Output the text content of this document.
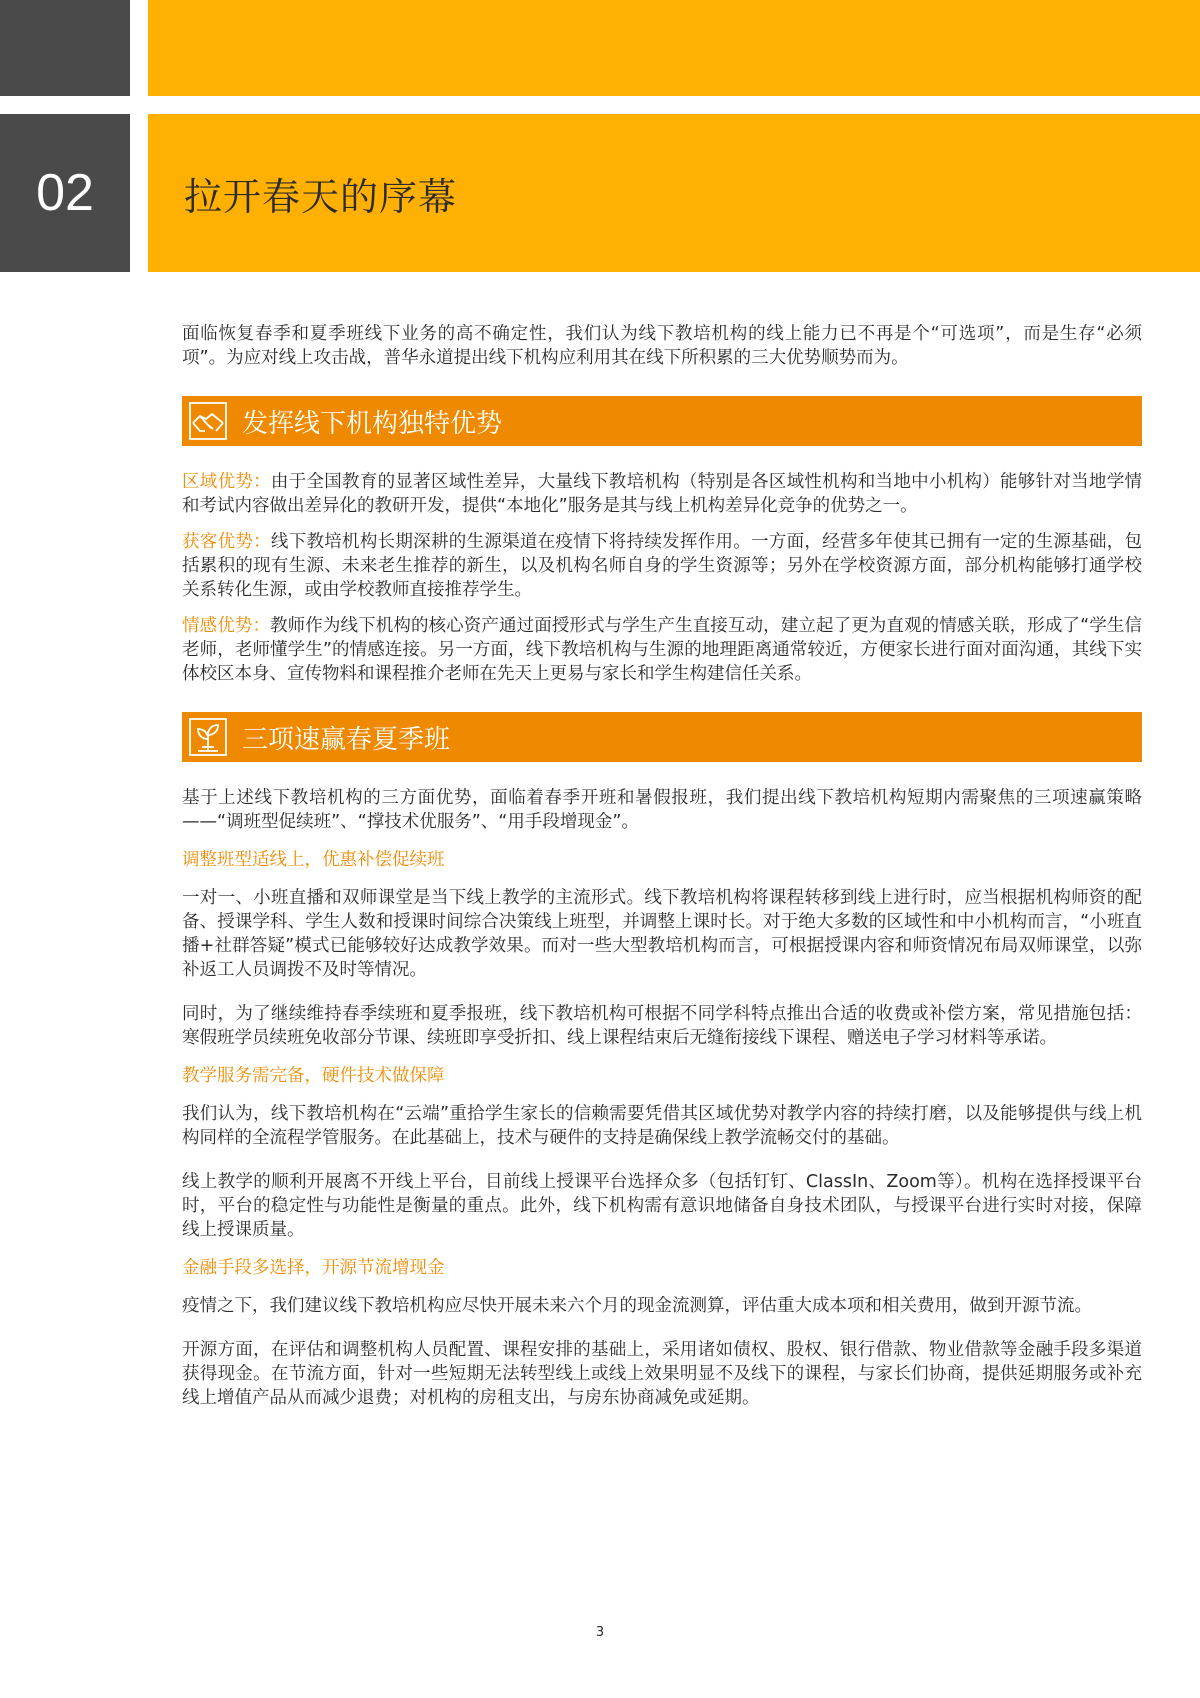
02	拉开春天的序幕

面临恢复春季和夏季班线下业务的高不确定性，我们认为线下教培机构的线上能力已不再是个“可选项”，而是生存“必须项”。为应对线上攻击战，普华永道提出线下机构应利用其在线下所积累的三大优势顺势而为。

发挥线下机构独特优势

区域优势：由于全国教育的显著区域性差异，大量线下教培机构（特别是各区域性机构和当地中小机构）能够针对当地学情和考试内容做出差异化的教研开发，提供“本地化”服务是其与线上机构差异化竞争的优势之一。

获客优势：线下教培机构长期深耕的生源渠道在疫情下将持续发挥作用。一方面，经营多年使其已拥有一定的生源基础，包括累积的现有生源、未来老生推荐的新生，以及机构名师自身的学生资源等；另外在学校资源方面，部分机构能够打通学校关系转化生源，或由学校教师直接推荐学生。

情感优势：教师作为线下机构的核心资产通过面授形式与学生产生直接互动，建立起了更为直观的情感关联，形成了“学生信老师，老师懂学生”的情感连接。另一方面，线下教培机构与生源的地理距离通常较近，方便家长进行面对面沟通，其线下实体校区本身、宣传物料和课程推介老师在先天上更易与家长和学生构建信任关系。

三项速赢春夏季班

基于上述线下教培机构的三方面优势，面临着春季开班和暑假报班，我们提出线下教培机构短期内需聚焦的三项速赢策略——“调班型促续班”、“撑技术优服务”、“用手段增现金”。

调整班型适线上，优惠补偿促续班

一对一、小班直播和双师课堂是当下线上教学的主流形式。线下教培机构将课程转移到线上进行时，应当根据机构师资的配备、授课学科、学生人数和授课时间综合决策线上班型，并调整上课时长。对于绝大多数的区域性和中小机构而言，“小班直播+社群答疑”模式已能够较好达成教学效果。而对一些大型教培机构而言，可根据授课内容和师资情况布局双师课堂，以弥补返工人员调拨不及时等情况。

同时，为了继续维持春季续班和夏季报班，线下教培机构可根据不同学科特点推出合适的收费或补偿方案，常见措施包括：寒假班学员续班免收部分节课、续班即享受折扣、线上课程结束后无缝衔接线下课程、赠送电子学习材料等承诺。

教学服务需完备，硬件技术做保障

我们认为，线下教培机构在“云端”重拾学生家长的信赖需要凭借其区域优势对教学内容的持续打磨，以及能够提供与线上机构同样的全流程学管服务。在此基础上，技术与硬件的支持是确保线上教学流畅交付的基础。

线上教学的顺利开展离不开线上平台，目前线上授课平台选择众多（包括钉钉、ClassIn、Zoom等）。机构在选择授课平台时，平台的稳定性与功能性是衡量的重点。此外，线下机构需有意识地储备自身技术团队，与授课平台进行实时对接，保障线上授课质量。

金融手段多选择，开源节流增现金

疫情之下，我们建议线下教培机构应尽快开展未来六个月的现金流测算，评估重大成本项和相关费用，做到开源节流。

开源方面，在评估和调整机构人员配置、课程安排的基础上，采用诸如债权、股权、银行借款、物业借款等金融手段多渠道获得现金。在节流方面，针对一些短期无法转型线上或线上效果明显不及线下的课程，与家长们协商，提供延期服务或补充线上增值产品从而减少退费；对机构的房租支出，与房东协商减免或延期。

3
